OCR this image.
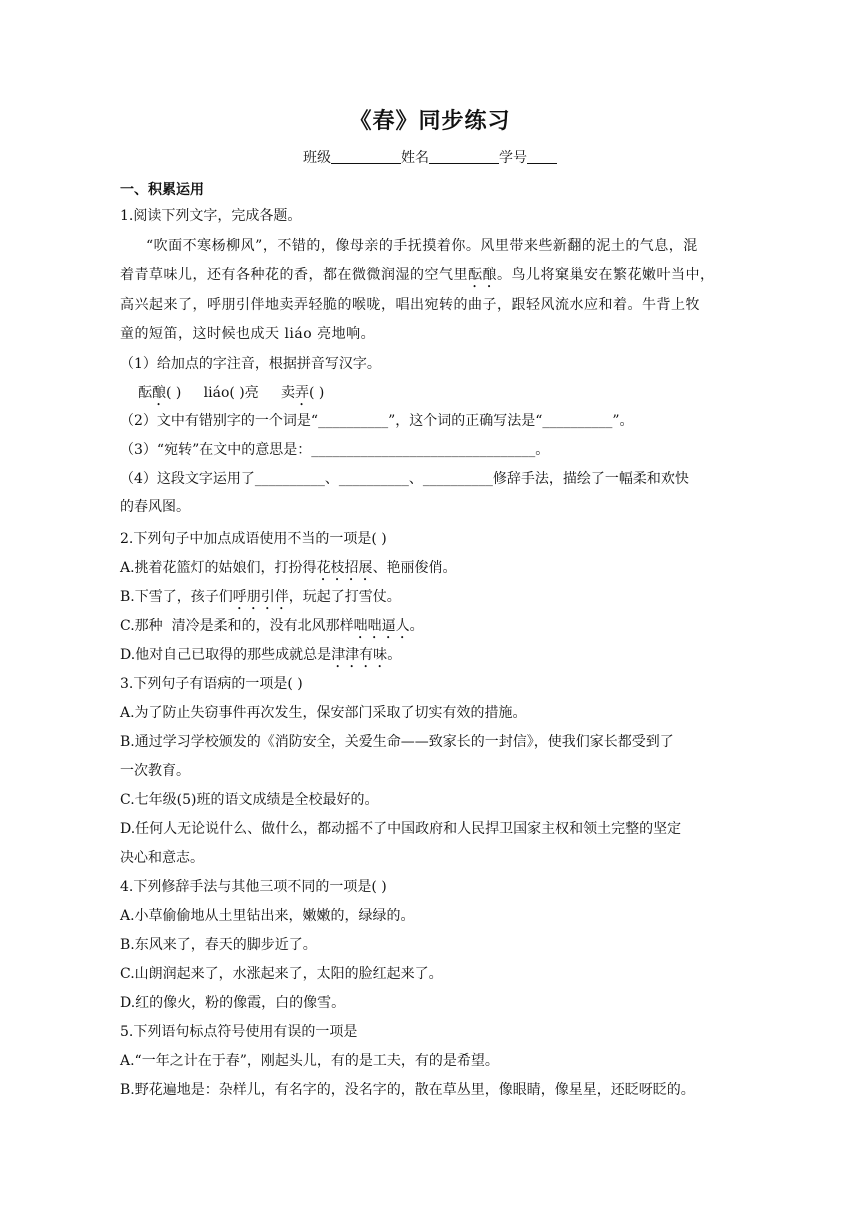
《春》同步练习
班级	姓名	学号
一、积累运用
1.阅读下列文字，完成各题。
“吹面不寒杨柳风”，不错的，像母亲的手抚摸着你。风里带来些新翻的泥土的气息，混
着青草味儿，还有各种花的香，都在微微润湿的空气里酝酿。鸟儿将窠巢安在繁花嫩叶当中，
高兴起来了，呼朋引伴地卖弄轻脆的喉咙，唱出宛转的曲子，跟轻风流水应和着。牛背上牧
童的短笛，这时候也成天 liáo 亮地响。
（1）给加点的字注音，根据拼音写汉字。
酝酿( ) liáo( )亮 卖弄( )
（2）文中有错别字的一个词是“__________”，这个词的正确写法是“__________”。
（3）“宛转”在文中的意思是：________________________________。
（4）这段文字运用了__________、__________、__________修辞手法，描绘了一幅柔和欢快
的春风图。
2.下列句子中加点成语使用不当的一项是( )
A.挑着花篮灯的姑娘们，打扮得花枝招展、艳丽俊俏。
B.下雪了，孩子们呼朋引伴，玩起了打雪仗。
C.那种  清冷是柔和的，没有北风那样咄咄逼人。
D.他对自己已取得的那些成就总是津津有味。
3.下列句子有语病的一项是( )
A.为了防止失窃事件再次发生，保安部门采取了切实有效的措施。
B.通过学习学校颁发的《消防安全，关爱生命——致家长的一封信》，使我们家长都受到了
一次教育。
C.七年级(5)班的语文成绩是全校最好的。
D.任何人无论说什么、做什么，都动摇不了中国政府和人民捍卫国家主权和领土完整的坚定
决心和意志。
4.下列修辞手法与其他三项不同的一项是( )
A.小草偷偷地从土里钻出来，嫩嫩的，绿绿的。
B.东风来了，春天的脚步近了。
C.山朗润起来了，水涨起来了，太阳的脸红起来了。
D.红的像火，粉的像霞，白的像雪。
5.下列语句标点符号使用有误的一项是
A.“一年之计在于春”，刚起头儿，有的是工夫，有的是希望。
B.野花遍地是：杂样儿，有名字的，没名字的，散在草丛里，像眼睛，像星星，还眨呀眨的。
